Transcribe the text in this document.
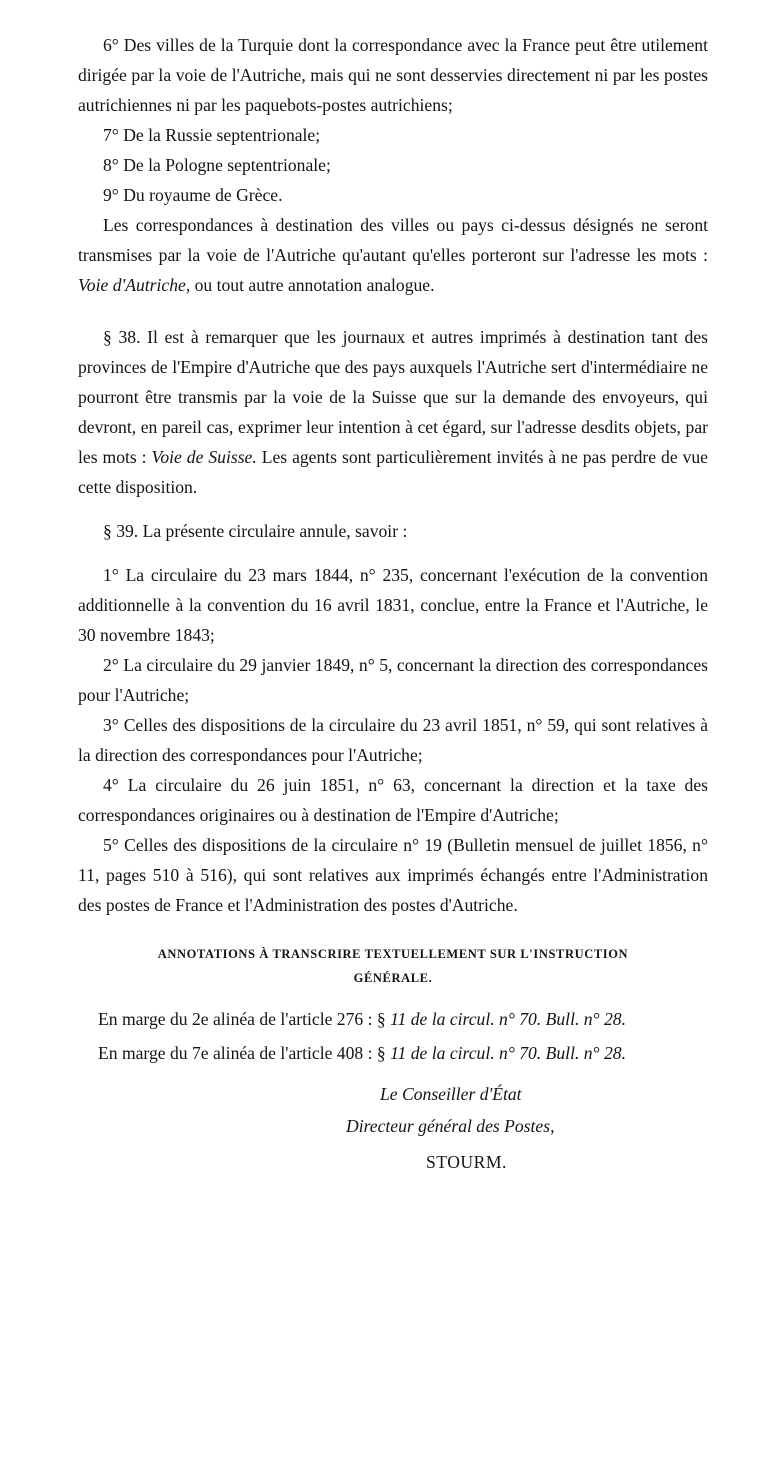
6° Des villes de la Turquie dont la correspondance avec la France peut être utilement dirigée par la voie de l'Autriche, mais qui ne sont desservies directement ni par les postes autrichiennes ni par les paquebots-postes autrichiens;

7° De la Russie septentrionale;

8° De la Pologne septentrionale;

9° Du royaume de Grèce.

Les correspondances à destination des villes ou pays ci-dessus désignés ne seront transmises par la voie de l'Autriche qu'autant qu'elles porteront sur l'adresse les mots : Voie d'Autriche, ou tout autre annotation analogue.

§ 38. Il est à remarquer que les journaux et autres imprimés à destination tant des provinces de l'Empire d'Autriche que des pays auxquels l'Autriche sert d'intermédiaire ne pourront être transmis par la voie de la Suisse que sur la demande des envoyeurs, qui devront, en pareil cas, exprimer leur intention à cet égard, sur l'adresse desdits objets, par les mots : Voie de Suisse. Les agents sont particulièrement invités à ne pas perdre de vue cette disposition.

§ 39. La présente circulaire annule, savoir :

1° La circulaire du 23 mars 1844, n° 235, concernant l'exécution de la convention additionnelle à la convention du 16 avril 1831, conclue, entre la France et l'Autriche, le 30 novembre 1843;

2° La circulaire du 29 janvier 1849, n° 5, concernant la direction des correspondances pour l'Autriche;

3° Celles des dispositions de la circulaire du 23 avril 1851, n° 59, qui sont relatives à la direction des correspondances pour l'Autriche;

4° La circulaire du 26 juin 1851, n° 63, concernant la direction et la taxe des correspondances originaires ou à destination de l'Empire d'Autriche;

5° Celles des dispositions de la circulaire n° 19 (Bulletin mensuel de juillet 1856, n° 11, pages 510 à 516), qui sont relatives aux imprimés échangés entre l'Administration des postes de France et l'Administration des postes d'Autriche.

ANNOTATIONS À TRANSCRIRE TEXTUELLEMENT SUR L'INSTRUCTION
GÉNÉRALE.

En marge du 2e alinéa de l'article 276 : § 11 de la circul. n° 70. Bull. n° 28.

En marge du 7e alinéa de l'article 408 : § 11 de la circul. n° 70. Bull. n° 28.

Le Conseiller d'État
Directeur général des Postes,
STOURM.
